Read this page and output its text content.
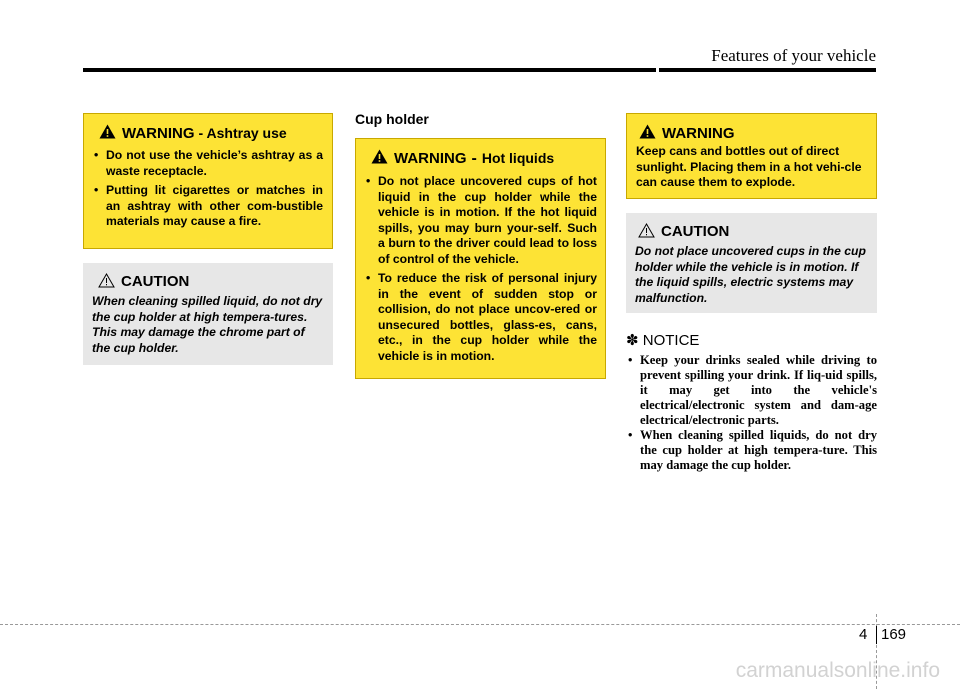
Features of your vehicle
WARNING - Ashtray use
• Do not use the vehicle’s ashtray as a waste receptacle.
• Putting lit cigarettes or matches in an ashtray with other com-bustible materials may cause a fire.
CAUTION
When cleaning spilled liquid, do not dry the cup holder at high tempera-tures. This may damage the chrome part of the cup holder.
Cup holder
WARNING - Hot liquids
• Do not place uncovered cups of hot liquid in the cup holder while the vehicle is in motion. If the hot liquid spills, you may burn your-self. Such a burn to the driver could lead to loss of control of the vehicle.
• To reduce the risk of personal injury in the event of sudden stop or collision, do not place uncov-ered or unsecured bottles, glass-es, cans, etc., in the cup holder while the vehicle is in motion.
WARNING
Keep cans and bottles out of direct sunlight. Placing them in a hot vehi-cle can cause them to explode.
CAUTION
Do not place uncovered cups in the cup holder while the vehicle is in motion. If the liquid spills, electric systems may malfunction.
✽ NOTICE
• Keep your drinks sealed while driving to prevent spilling your drink. If liq-uid spills, it may get into the vehicle's electrical/electronic system and dam-age electrical/electronic parts.
• When cleaning spilled liquids, do not dry the cup holder at high tempera-ture. This may damage the cup holder.
4 169
carmanualsonline.info
